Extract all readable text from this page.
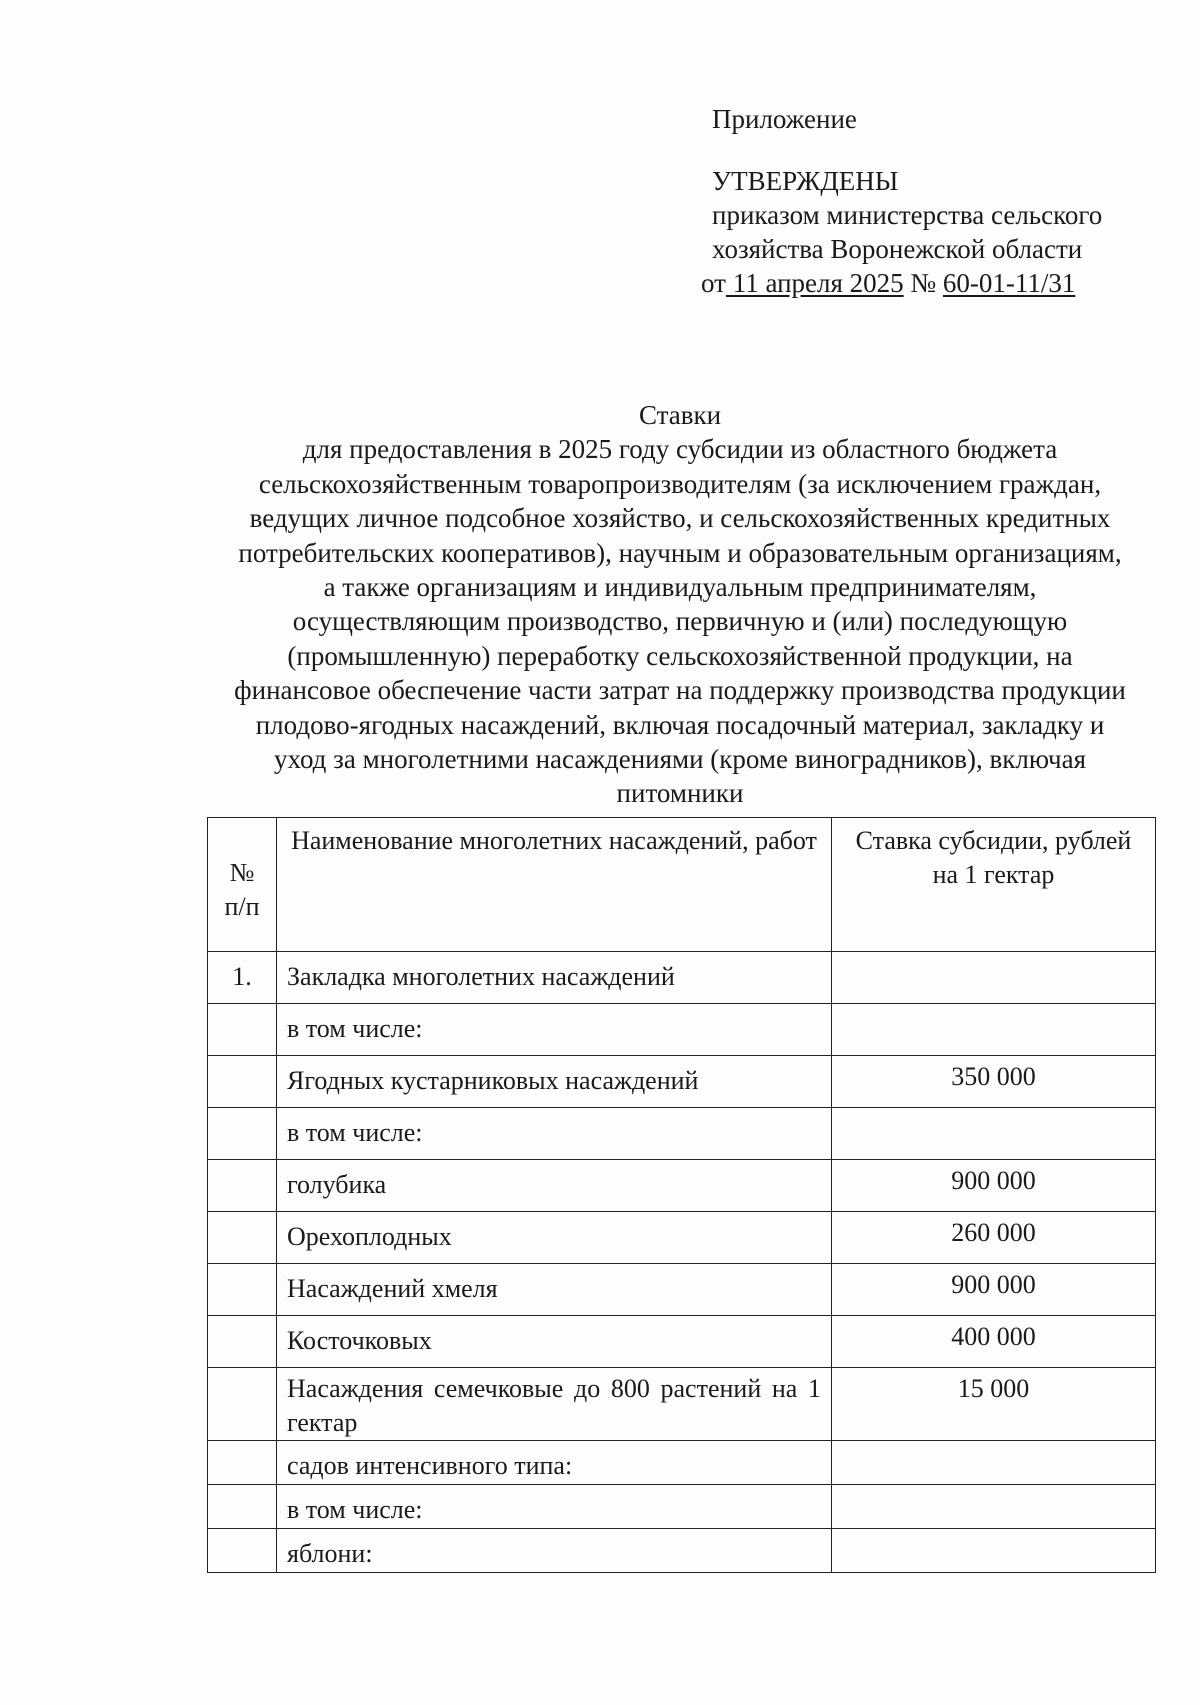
Приложение
УТВЕРЖДЕНЫ
приказом министерства сельского
хозяйства Воронежской области
от 11 апреля 2025 № 60-01-11/31
Ставки
для предоставления в 2025 году субсидии из областного бюджета
сельскохозяйственным товаропроизводителям (за исключением граждан,
ведущих личное подсобное хозяйство, и сельскохозяйственных кредитных
потребительских кооперативов), научным и образовательным организациям,
а также организациям и индивидуальным предпринимателям,
осуществляющим производство, первичную и (или) последующую
(промышленную) переработку сельскохозяйственной продукции, на
финансовое обеспечение части затрат на поддержку производства продукции
плодово-ягодных насаждений, включая посадочный материал, закладку и
уход за многолетними насаждениями (кроме виноградников), включая
питомники
№ п/п	Наименование многолетних насаждений, работ	Ставка субсидии, рублей на 1 гектар

1.	Закладка многолетних насаждений	

	в том числе:	

	Ягодных кустарниковых насаждений	350 000

	в том числе:	

	голубика	900 000

	Орехоплодных	260 000

	Насаждений хмеля	900 000

	Косточковых	400 000

	Насаждения семечковые до 800 растений на 1 гектар	15 000

	садов интенсивного типа:	

	в том числе:	

	яблони:	
